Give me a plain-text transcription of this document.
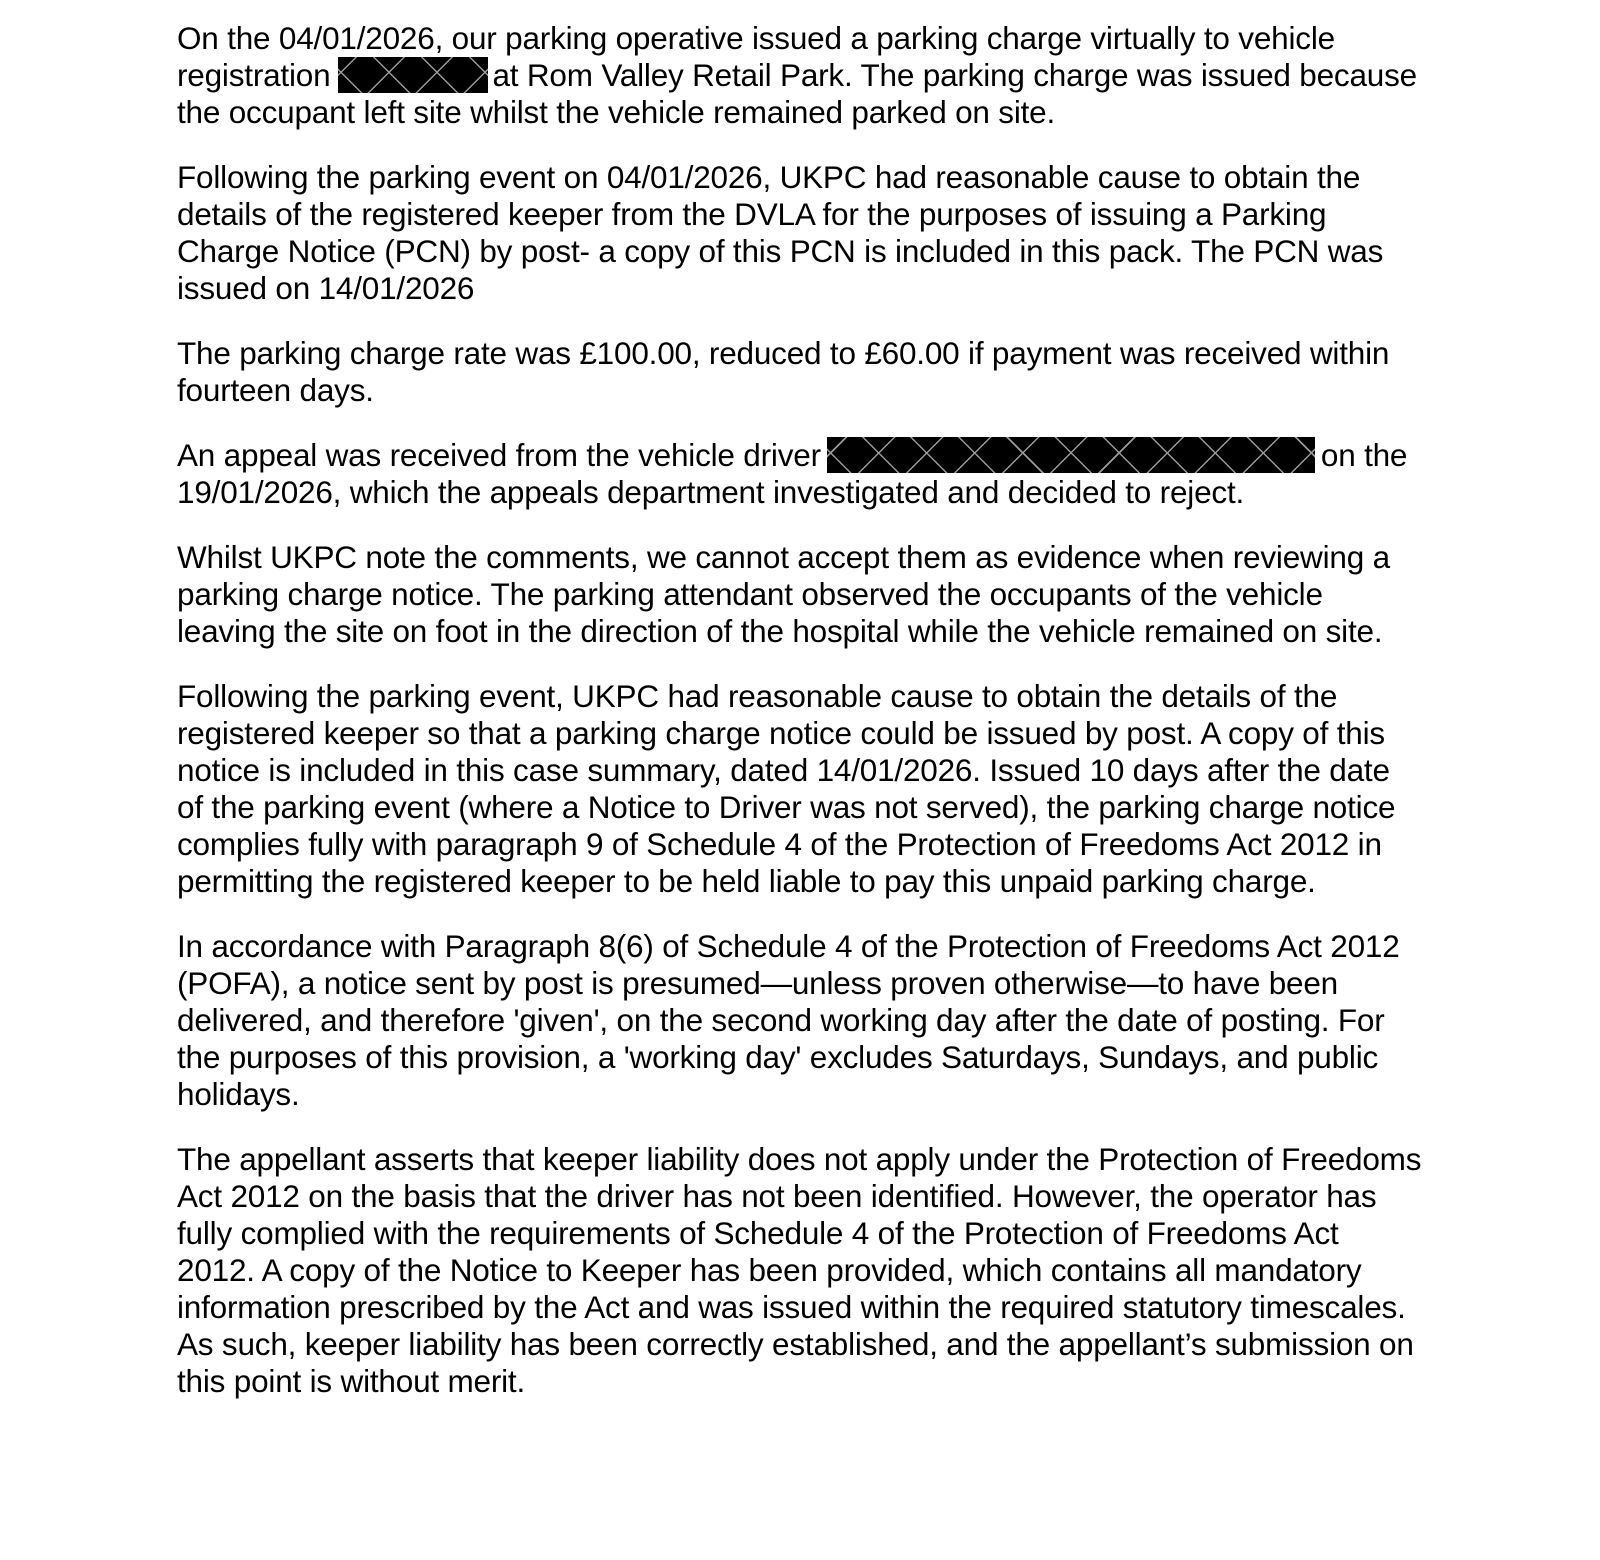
On the 04/01/2026, our parking operative issued a parking charge virtually to vehicle registration	at Rom Valley Retail Park. The parking charge was issued because the occupant left site whilst the vehicle remained parked on site.

Following the parking event on 04/01/2026, UKPC had reasonable cause to obtain the details of the registered keeper from the DVLA for the purposes of issuing a Parking Charge Notice (PCN) by post- a copy of this PCN is included in this pack. The PCN was issued on 14/01/2026

The parking charge rate was £100.00, reduced to £60.00 if payment was received within fourteen days.

An appeal was received from the vehicle driver	on the 19/01/2026, which the appeals department investigated and decided to reject.

Whilst UKPC note the comments, we cannot accept them as evidence when reviewing a parking charge notice. The parking attendant observed the occupants of the vehicle leaving the site on foot in the direction of the hospital while the vehicle remained on site.

Following the parking event, UKPC had reasonable cause to obtain the details of the registered keeper so that a parking charge notice could be issued by post. A copy of this notice is included in this case summary, dated 14/01/2026. Issued 10 days after the date of the parking event (where a Notice to Driver was not served), the parking charge notice complies fully with paragraph 9 of Schedule 4 of the Protection of Freedoms Act 2012 in permitting the registered keeper to be held liable to pay this unpaid parking charge.

In accordance with Paragraph 8(6) of Schedule 4 of the Protection of Freedoms Act 2012 (POFA), a notice sent by post is presumed—unless proven otherwise—to have been delivered, and therefore 'given', on the second working day after the date of posting. For the purposes of this provision, a 'working day' excludes Saturdays, Sundays, and public holidays.

The appellant asserts that keeper liability does not apply under the Protection of Freedoms Act 2012 on the basis that the driver has not been identified. However, the operator has fully complied with the requirements of Schedule 4 of the Protection of Freedoms Act 2012. A copy of the Notice to Keeper has been provided, which contains all mandatory information prescribed by the Act and was issued within the required statutory timescales. As such, keeper liability has been correctly established, and the appellant’s submission on this point is without merit.
